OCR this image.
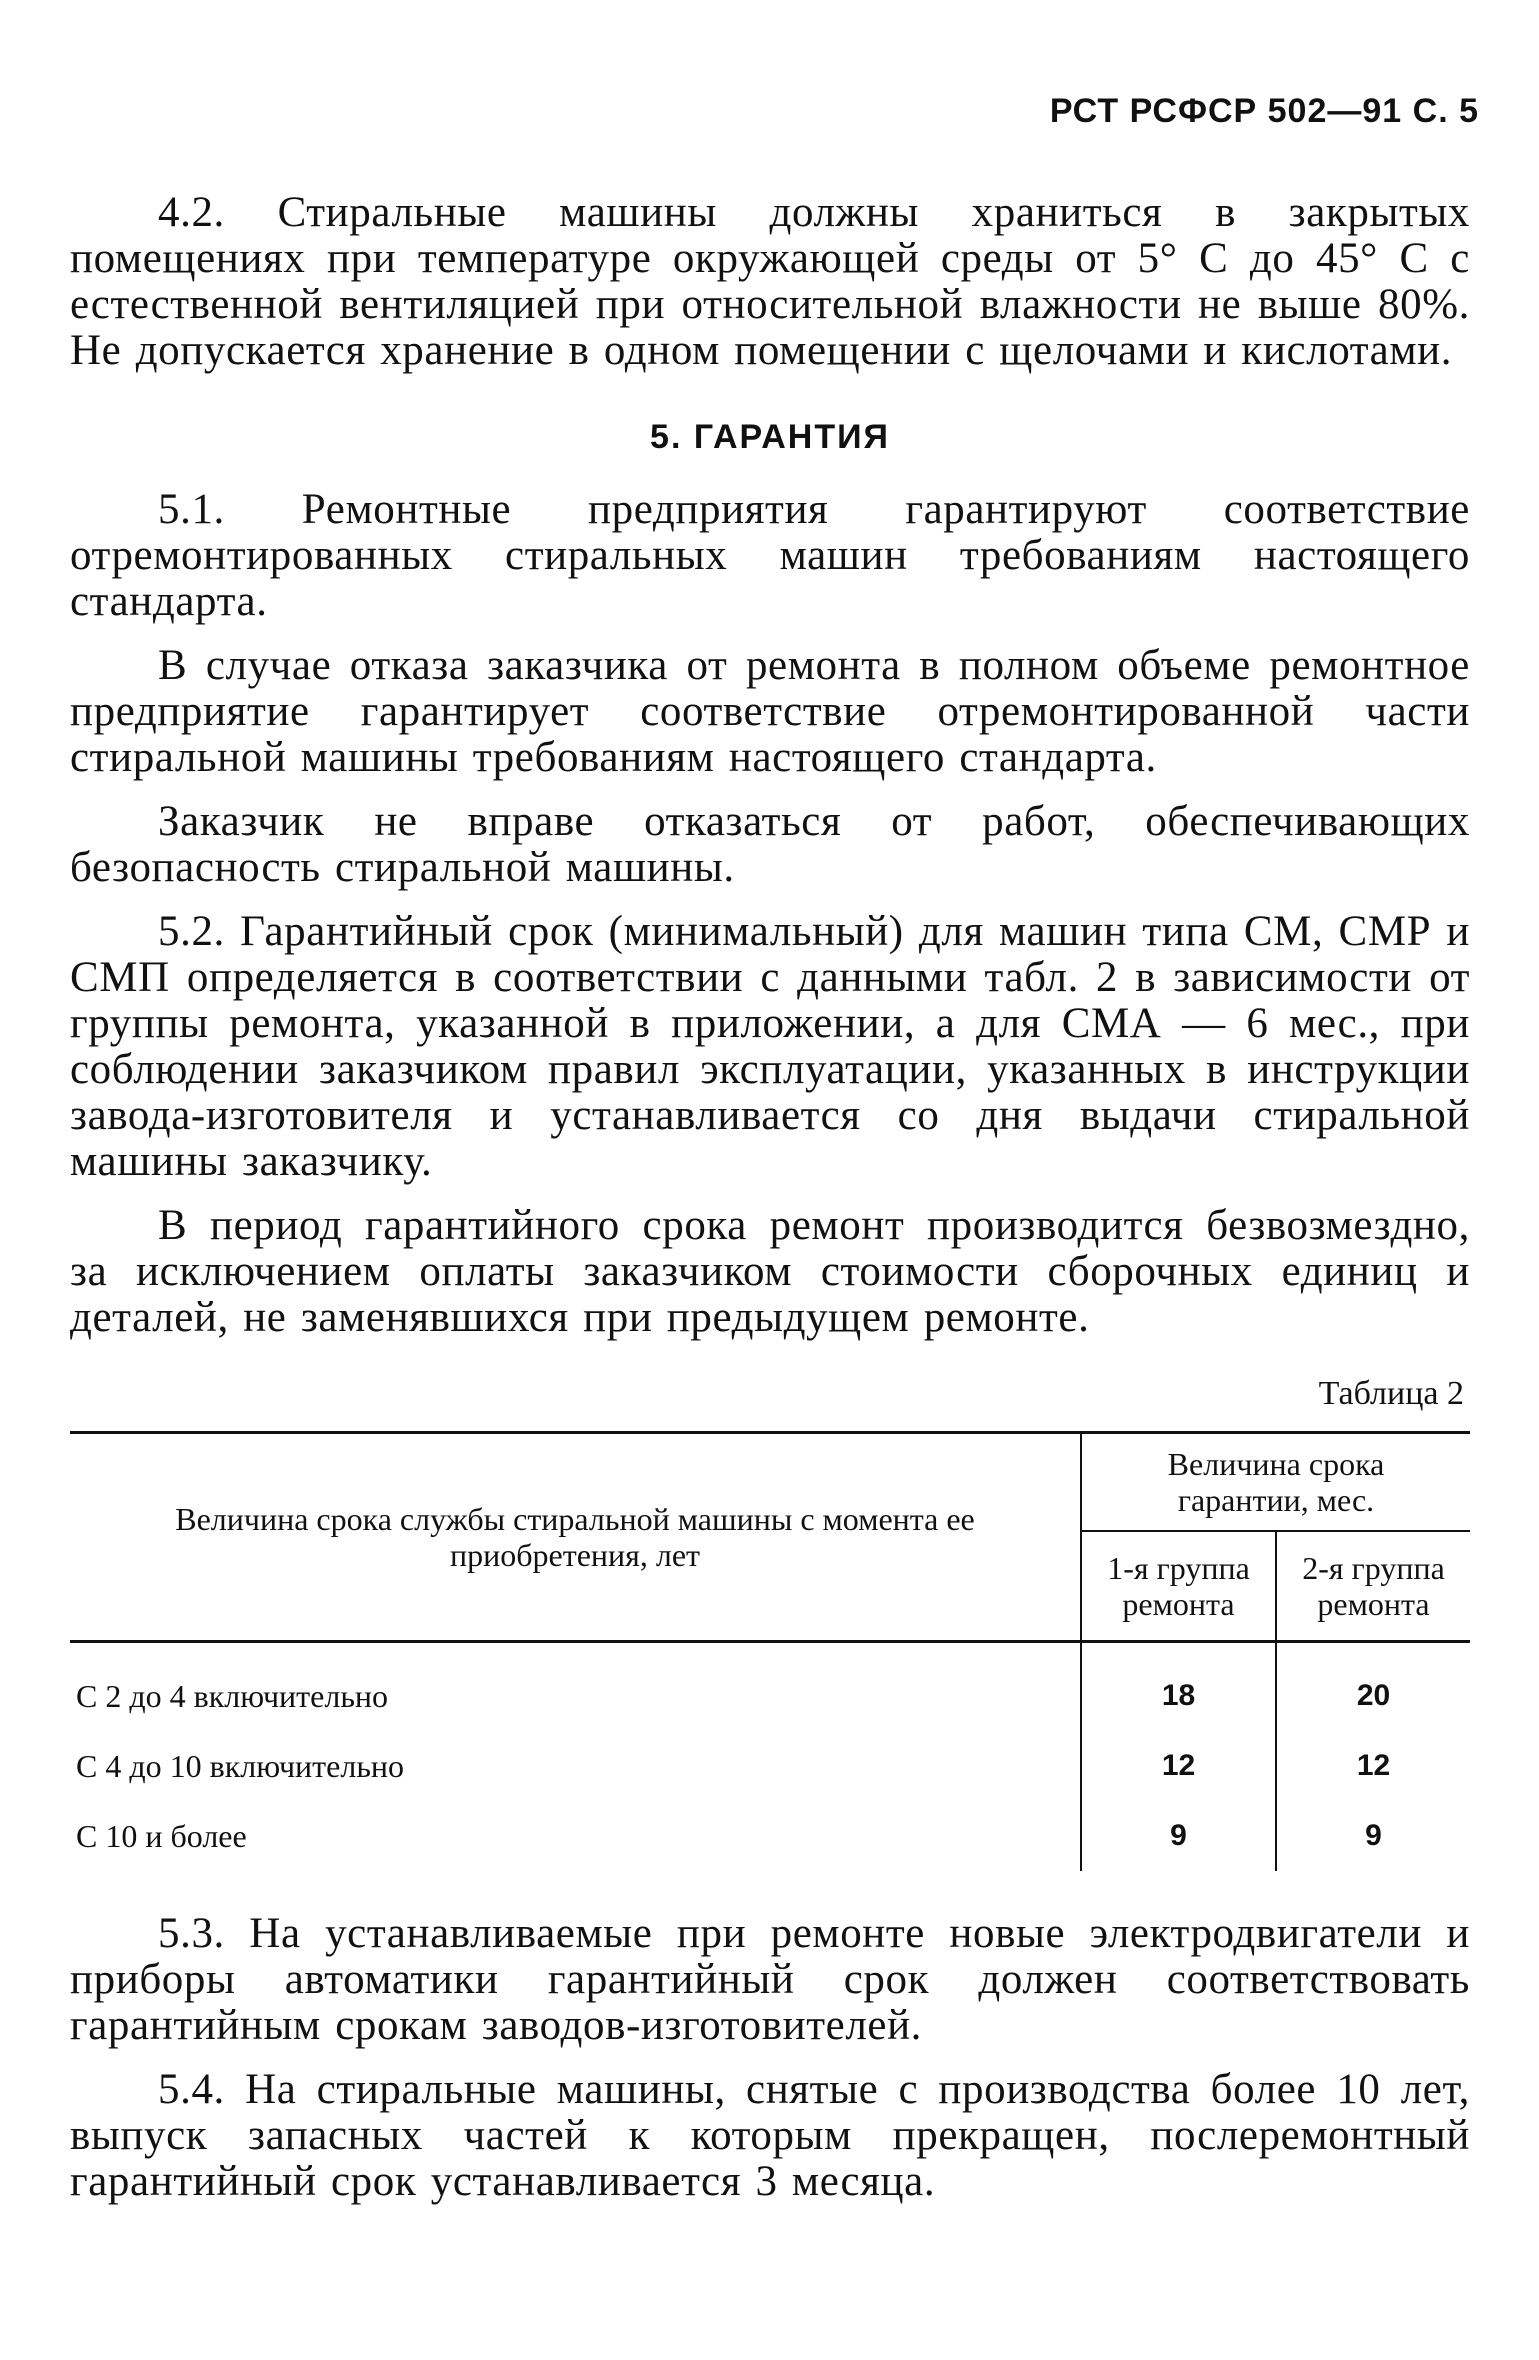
РСТ РСФСР 502—91 С. 5

4.2. Стиральные машины должны храниться в закрытых помещениях при температуре окружающей среды от 5° С до 45° С с естественной вентиляцией при относительной влажности не выше 80%. Не допускается хранение в одном помещении с щелочами и кислотами.

5. ГАРАНТИЯ

5.1. Ремонтные предприятия гарантируют соответствие отремонтированных стиральных машин требованиям настоящего стандарта.

В случае отказа заказчика от ремонта в полном объеме ремонтное предприятие гарантирует соответствие отремонтированной части стиральной машины требованиям настоящего стандарта.

Заказчик не вправе отказаться от работ, обеспечивающих безопасность стиральной машины.

5.2. Гарантийный срок (минимальный) для машин типа СМ, СМР и СМП определяется в соответствии с данными табл. 2 в зависимости от группы ремонта, указанной в приложении, а для СМА — 6 мес., при соблюдении заказчиком правил эксплуатации, указанных в инструкции завода-изготовителя и устанавливается со дня выдачи стиральной машины заказчику.

В период гарантийного срока ремонт производится безвозмездно, за исключением оплаты заказчиком стоимости сборочных единиц и деталей, не заменявшихся при предыдущем ремонте.

Таблица 2
Величина срока службы стиральной машины с момента ее приобретения, лет	Величина срока гарантии, мес.	

	1-я группа ремонта	2-я группа ремонта

С 2 до 4 включительно	18	20
С 4 до 10 включительно	12	12
С 10 и более	9	9

5.3. На устанавливаемые при ремонте новые электродвигатели и приборы автоматики гарантийный срок должен соответствовать гарантийным срокам заводов-изготовителей.

5.4. На стиральные машины, снятые с производства более 10 лет, выпуск запасных частей к которым прекращен, послеремонтный гарантийный срок устанавливается 3 месяца.
